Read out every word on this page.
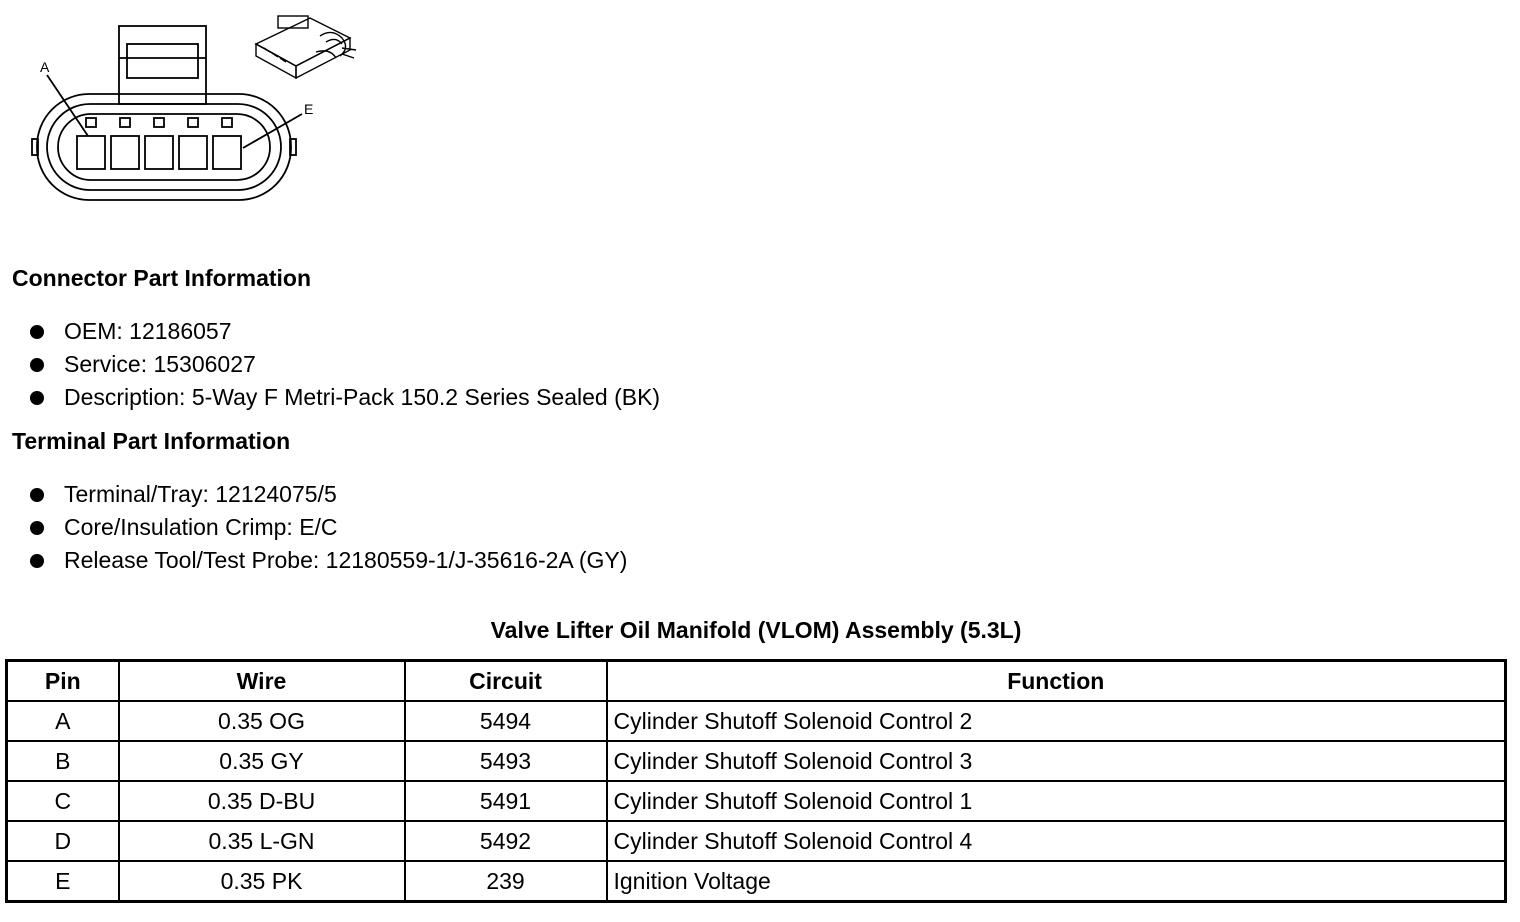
A
E
Connector Part Information
OEM: 12186057
Service: 15306027
Description: 5-Way F Metri-Pack 150.2 Series Sealed (BK)
Terminal Part Information
Terminal/Tray: 12124075/5
Core/Insulation Crimp: E/C
Release Tool/Test Probe: 12180559-1/J-35616-2A (GY)
Valve Lifter Oil Manifold (VLOM) Assembly (5.3L)
Pin	Wire	Circuit	Function
A	0.35 OG	5494	Cylinder Shutoff Solenoid Control 2
B	0.35 GY	5493	Cylinder Shutoff Solenoid Control 3
C	0.35 D-BU	5491	Cylinder Shutoff Solenoid Control 1
D	0.35 L-GN	5492	Cylinder Shutoff Solenoid Control 4
E	0.35 PK	239	Ignition Voltage
